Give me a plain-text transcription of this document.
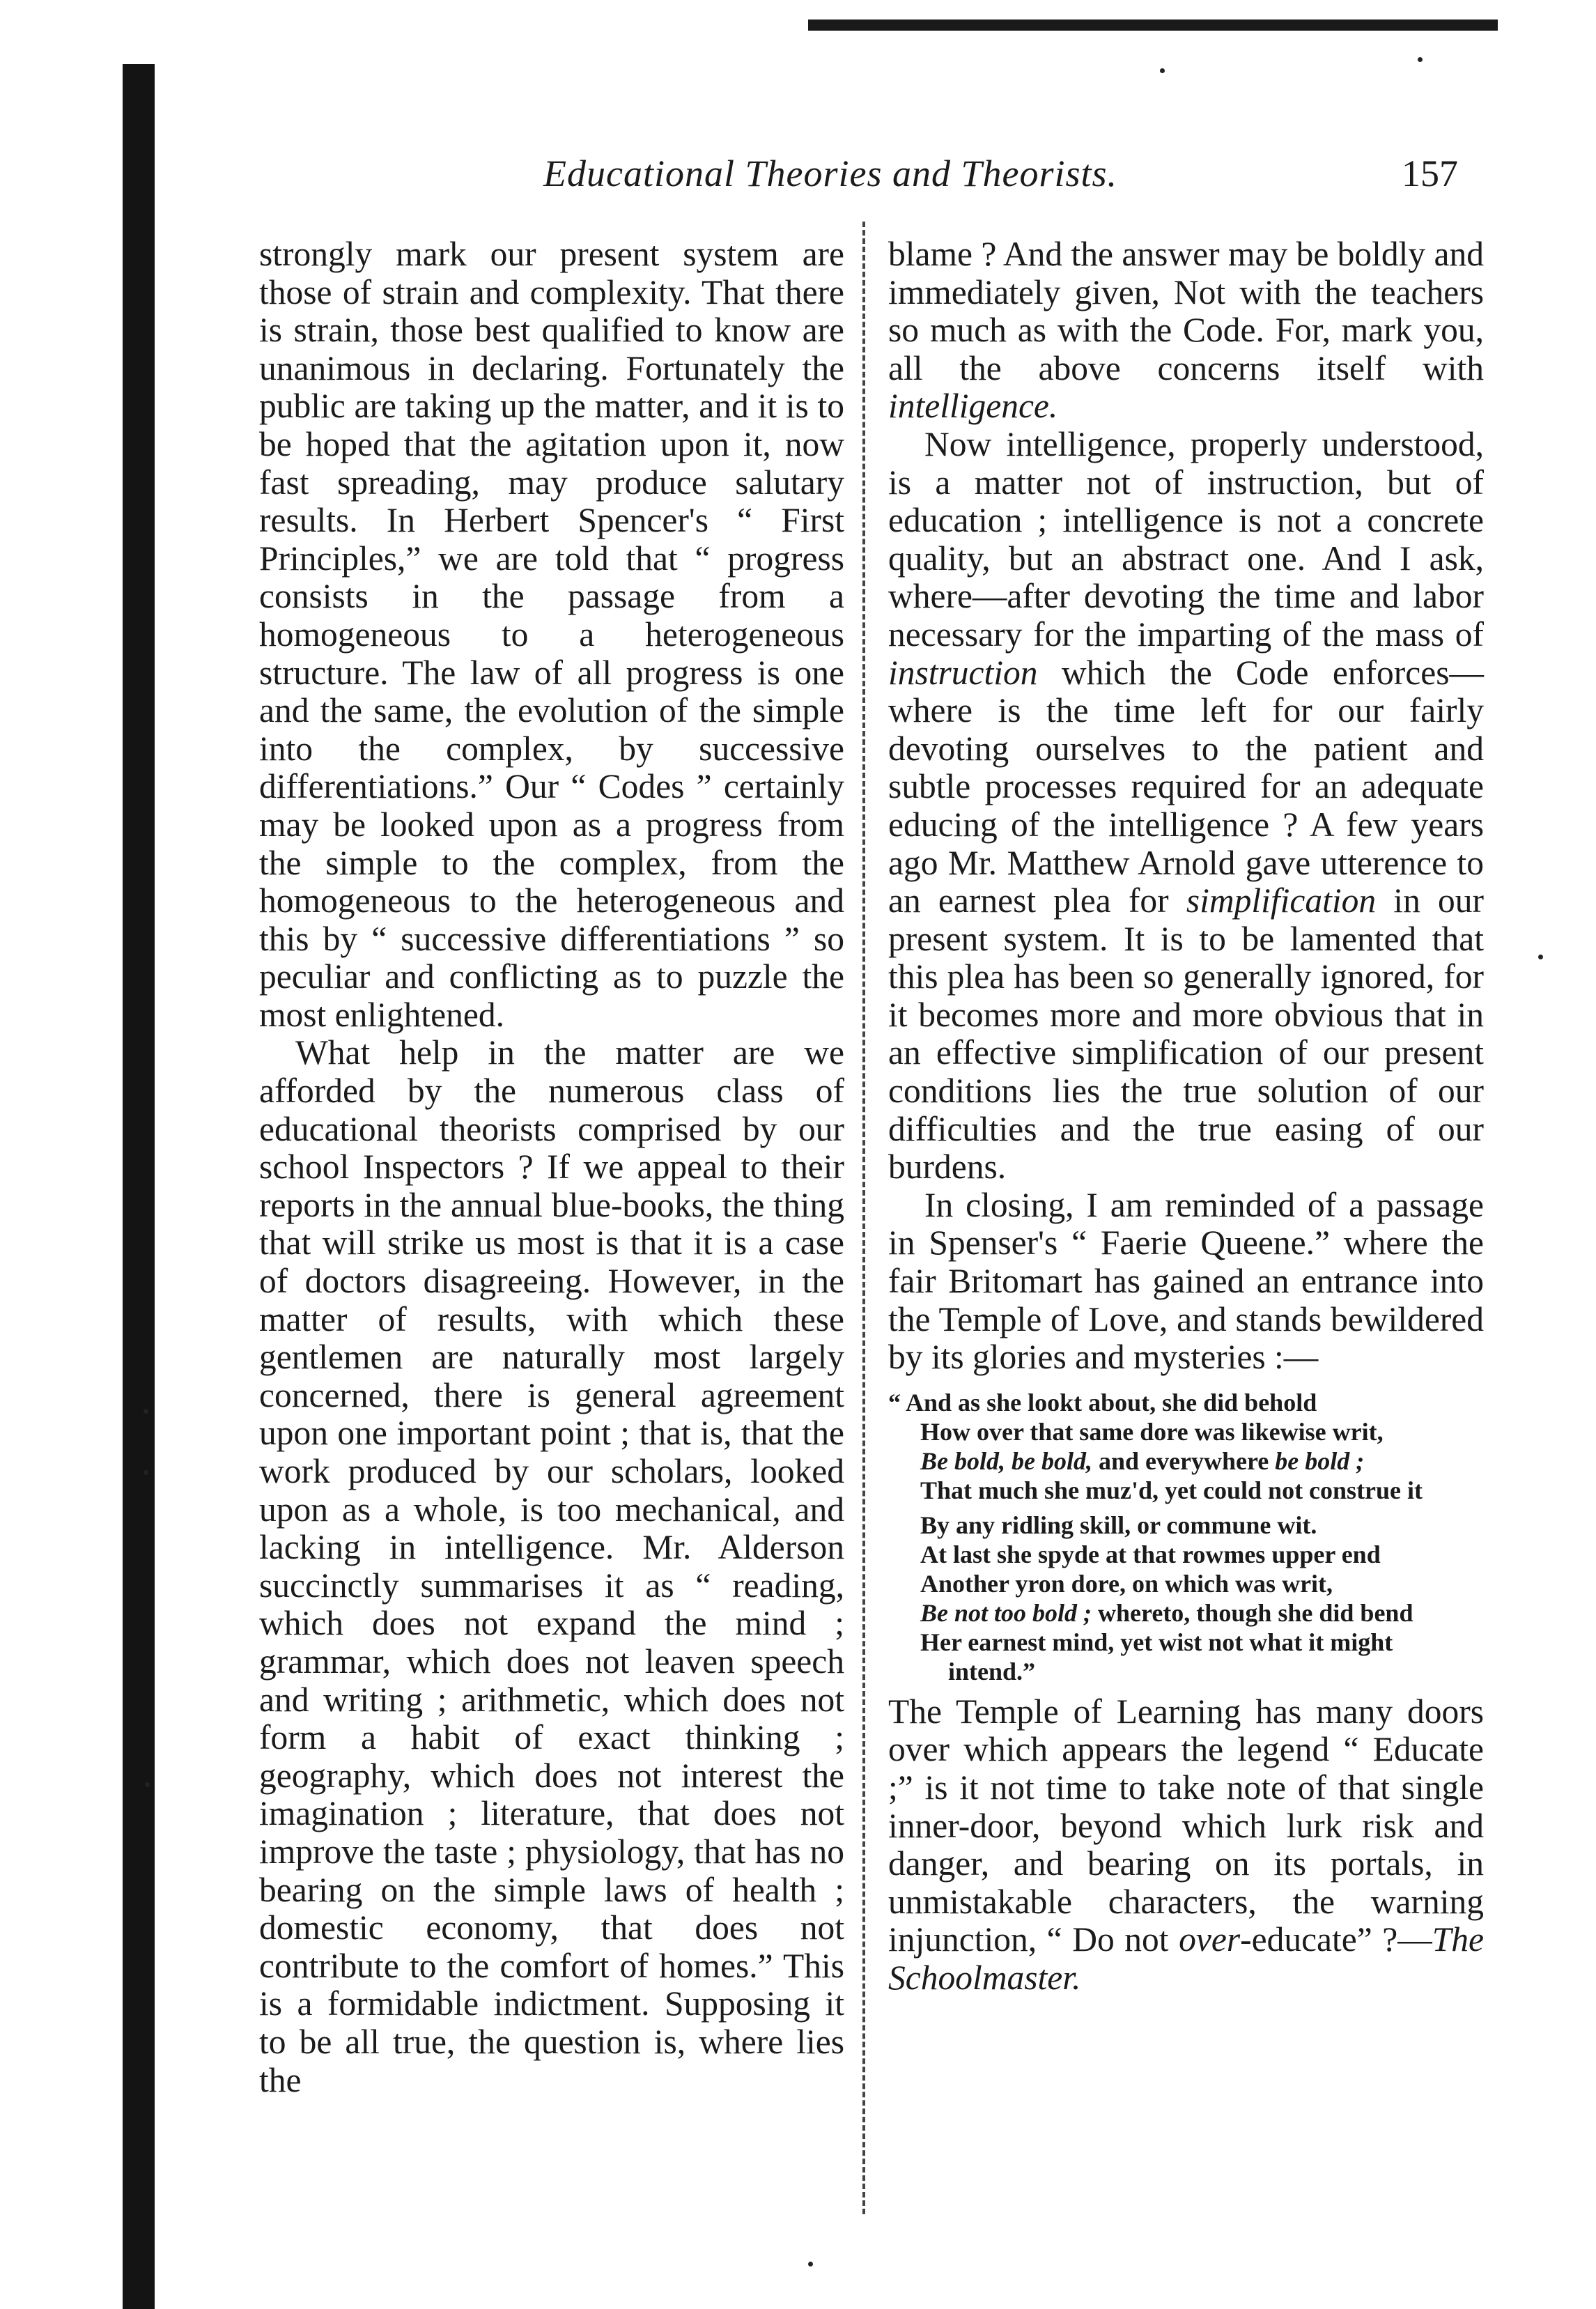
Educational Theories and Theorists.	157

strongly mark our present system are those of strain and complexity. That there is strain, those best qualified to know are unanimous in declaring. Fortunately the public are taking up the matter, and it is to be hoped that the agitation upon it, now fast spreading, may produce salutary results. In Herbert Spencer's “ First Principles,” we are told that “ progress consists in the passage from a homogeneous to a heterogeneous structure. The law of all progress is one and the same, the evolution of the simple into the complex, by successive differentiations.” Our “ Codes ” certainly may be looked upon as a progress from the simple to the complex, from the homogeneous to the heterogeneous and this by “ successive differentiations ” so peculiar and conflicting as to puzzle the most enlightened.

What help in the matter are we afforded by the numerous class of educational theorists comprised by our school Inspectors ? If we appeal to their reports in the annual blue-books, the thing that will strike us most is that it is a case of doctors disagreeing. However, in the matter of results, with which these gentlemen are naturally most largely concerned, there is general agreement upon one important point ; that is, that the work produced by our scholars, looked upon as a whole, is too mechanical, and lacking in intelligence. Mr. Alderson succinctly summarises it as “ reading, which does not expand the mind ; grammar, which does not leaven speech and writing ; arithmetic, which does not form a habit of exact thinking ; geography, which does not interest the imagination ; literature, that does not improve the taste ; physiology, that has no bearing on the simple laws of health ; domestic economy, that does not contribute to the comfort of homes.” This is a formidable indictment. Supposing it to be all true, the question is, where lies the

blame ? And the answer may be boldly and immediately given, Not with the teachers so much as with the Code. For, mark you, all the above concerns itself with intelligence.

Now intelligence, properly understood, is a matter not of instruction, but of education ; intelligence is not a concrete quality, but an abstract one. And I ask, where—after devoting the time and labor necessary for the imparting of the mass of instruction which the Code enforces—where is the time left for our fairly devoting ourselves to the patient and subtle processes required for an adequate educing of the intelligence ? A few years ago Mr. Matthew Arnold gave utterence to an earnest plea for simplification in our present system. It is to be lamented that this plea has been so generally ignored, for it becomes more and more obvious that in an effective simplification of our present conditions lies the true solution of our difficulties and the true easing of our burdens.

In closing, I am reminded of a passage in Spenser's “ Faerie Queene.” where the fair Britomart has gained an entrance into the Temple of Love, and stands bewildered by its glories and mysteries :—

“ And as she lookt about, she did behold
How over that same dore was likewise writ,
Be bold, be bold, and everywhere be bold ;
That much she muz'd, yet could not construe it
By any ridling skill, or commune wit.
At last she spyde at that rowmes upper end
Another yron dore, on which was writ,
Be not too bold ; whereto, though she did bend
Her earnest mind, yet wist not what it might intend.”

The Temple of Learning has many doors over which appears the legend “ Educate ;” is it not time to take note of that single inner-door, beyond which lurk risk and danger, and bearing on its portals, in unmistakable characters, the warning injunction, “ Do not over-educate” ?—The Schoolmaster.
